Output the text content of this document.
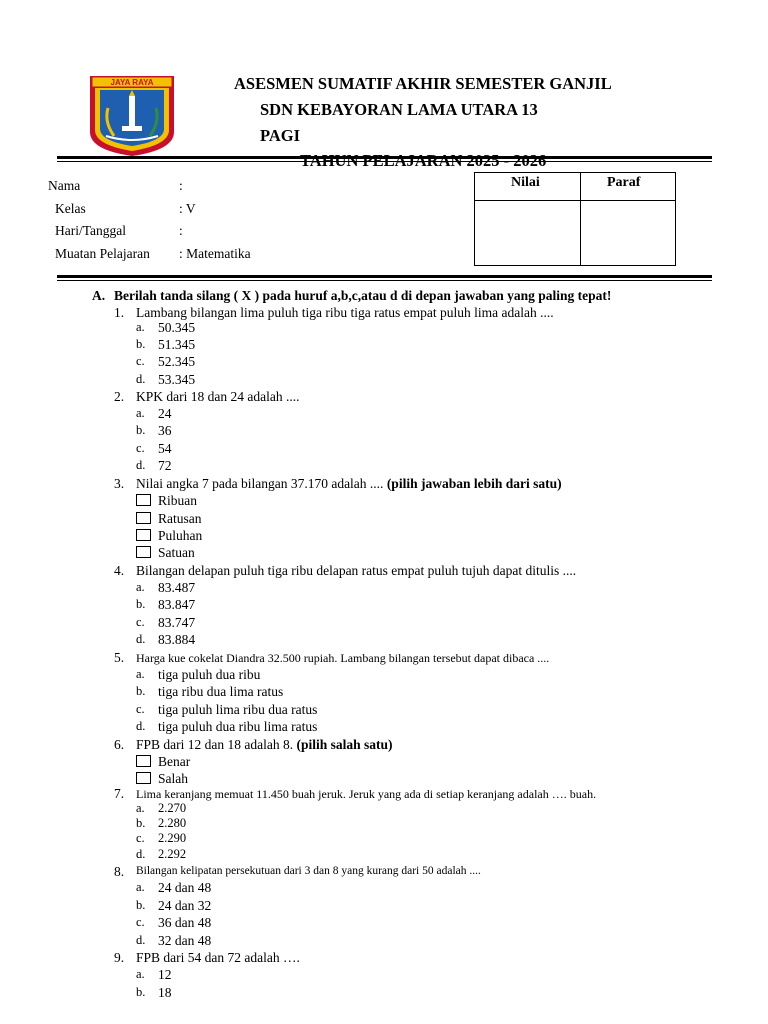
JAYA RAYA	ASESMEN SUMATIF AKHIR SEMESTER GANJIL
SDN KEBAYORAN LAMA UTARA 13
PAGI
Nama	:
Kelas	: V
Hari/Tanggal	:
Muatan Pelajaran : Matematika
Nilai	Paraf
A. Berilah tanda silang ( X ) pada huruf a,b,c,atau d di depan jawaban yang paling tepat!
1. Lambang bilangan lima puluh tiga ribu tiga ratus empat puluh lima adalah ....
a. 50.345
b. 51.345
c. 52.345
d. 53.345
2. KPK dari 18 dan 24 adalah ....
a. 24
b. 36
c. 54
d. 72
3. Nilai angka 7 pada bilangan 37.170 adalah .... (pilih jawaban lebih dari satu)
Ribuan
Ratusan
Puluhan
Satuan
4. Bilangan delapan puluh tiga ribu delapan ratus empat puluh tujuh dapat ditulis ....
a. 83.487
b. 83.847
c. 83.747
d. 83.884
5. Harga kue cokelat Diandra 32.500 rupiah. Lambang bilangan tersebut dapat dibaca ....
a. tiga puluh dua ribu
b. tiga ribu dua lima ratus
c. tiga puluh lima ribu dua ratus
d. tiga puluh dua ribu lima ratus
6. FPB dari 12 dan 18 adalah 8. (pilih salah satu)
Benar
Salah
7. Lima keranjang memuat 11.450 buah jeruk. Jeruk yang ada di setiap keranjang adalah …. buah.
a. 2.270
b. 2.280
c. 2.290
d. 2.292
8. Bilangan kelipatan persekutuan dari 3 dan 8 yang kurang dari 50 adalah ....
a. 24 dan 48
b. 24 dan 32
c. 36 dan 48
d. 32 dan 48
9. FPB dari 54 dan 72 adalah ….
a. 12
b. 18
